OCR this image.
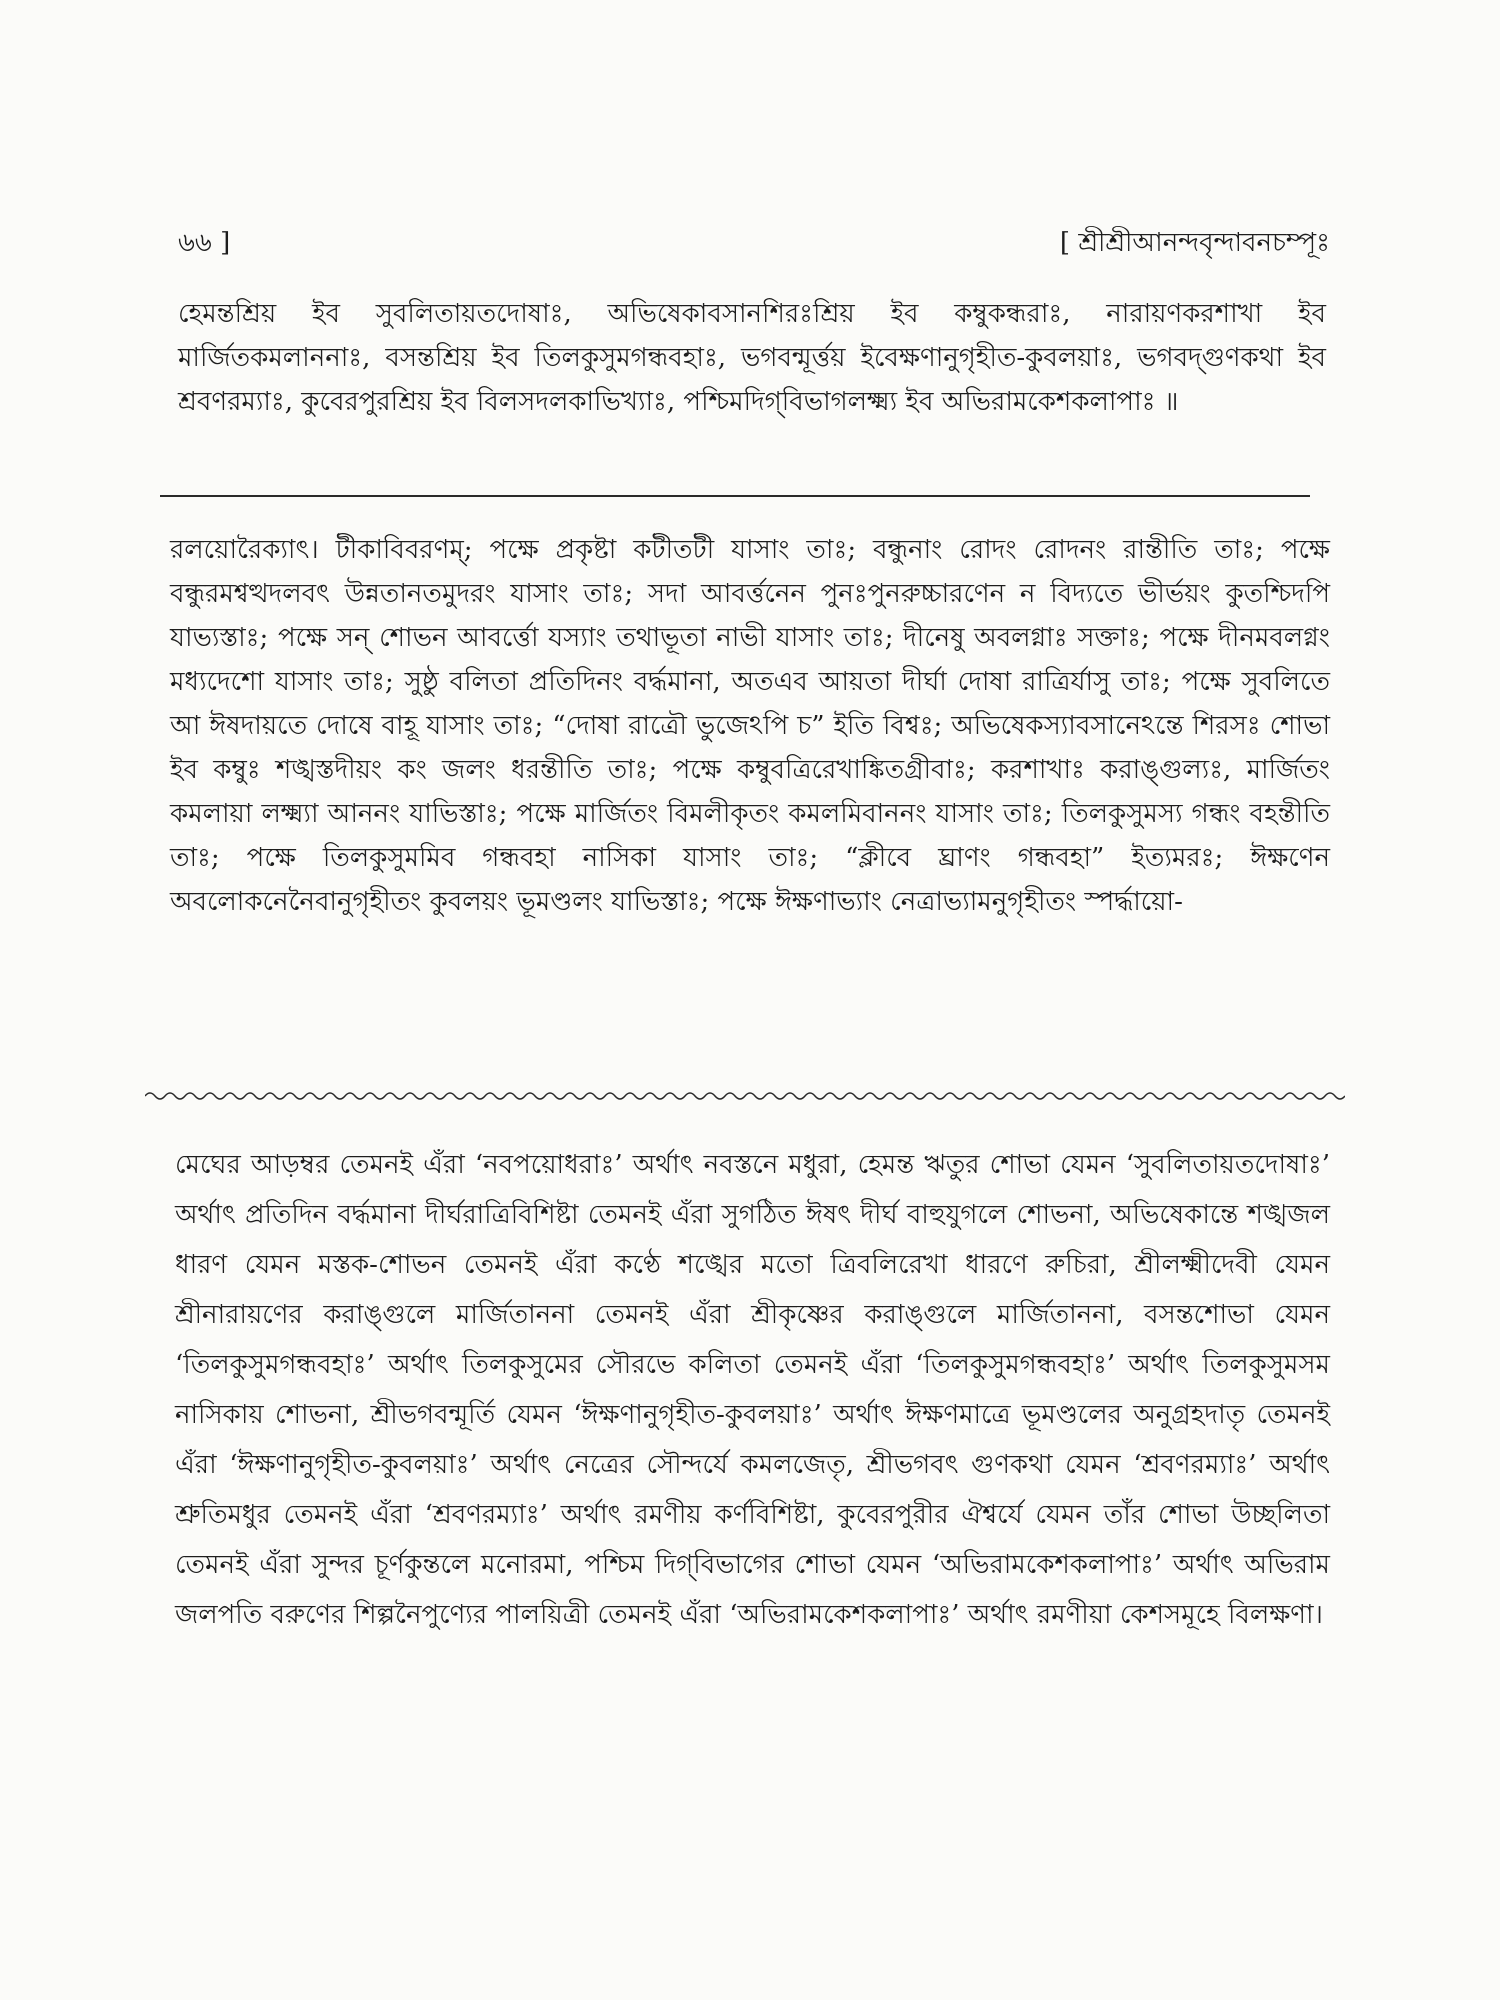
৬৬ ]	[ শ্রীশ্রীআনন্দবৃন্দাবনচম্পূঃ
হেমন্তশ্রিয় ইব সুবলিতায়তদোষাঃ, অভিষেকাবসানশিরঃশ্রিয় ইব কম্বুকন্ধরাঃ, নারায়ণকরশাখা ইব মার্জিতকমলাননাঃ, বসন্তশ্রিয় ইব তিলকুসুমগন্ধবহাঃ, ভগবন্মূর্ত্তয় ইবেক্ষণানুগৃহীত-কুবলয়াঃ, ভগবদ্গুণকথা ইব শ্রবণরম্যাঃ, কুবেরপুরশ্রিয় ইব বিলসদলকাভিখ্যাঃ, পশ্চিমদিগ্‌বিভাগলক্ষ্ম্য ইব অভিরামকেশকলাপাঃ ॥
রলয়োরৈক্যাৎ। টীকাবিবরণম্; পক্ষে প্রকৃষ্টা কটীতটী যাসাং তাঃ; বন্ধুনাং রোদং রোদনং রান্তীতি তাঃ; পক্ষে বন্ধুরমশ্বত্থদলবৎ উন্নতানতমুদরং যাসাং তাঃ; সদা আবর্ত্তনেন পুনঃপুনরুচ্চারণেন ন বিদ্যতে ভীর্ভয়ং কুতশ্চিদপি যাভ্যস্তাঃ; পক্ষে সন্ শোভন আবর্ত্তো যস্যাং তথাভূতা নাভী যাসাং তাঃ; দীনেষু অবলগ্নাঃ সক্তাঃ; পক্ষে দীনমবলগ্নং মধ্যদেশো যাসাং তাঃ; সুষ্ঠু বলিতা প্রতিদিনং বর্দ্ধমানা, অতএব আয়তা দীর্ঘা দোষা রাত্রির্যাসু তাঃ; পক্ষে সুবলিতে আ ঈষদায়তে দোষে বাহূ যাসাং তাঃ; “দোষা রাত্রৌ ভুজেঽপি চ” ইতি বিশ্বঃ; অভিষেকস্যাবসানেঽন্তে শিরসঃ শোভা ইব কম্বুঃ শঙ্খস্তদীয়ং কং জলং ধরন্তীতি তাঃ; পক্ষে কম্বুবত্রিরেখাঙ্কিতগ্রীবাঃ; করশাখাঃ করাঙ্গুল্যঃ, মার্জিতং কমলায়া লক্ষ্ম্যা আননং যাভিস্তাঃ; পক্ষে মার্জিতং বিমলীকৃতং কমলমিবাননং যাসাং তাঃ; তিলকুসুমস্য গন্ধং বহন্তীতি তাঃ; পক্ষে তিলকুসুমমিব গন্ধবহা নাসিকা যাসাং তাঃ; “ক্লীবে ঘ্রাণং গন্ধবহা” ইত্যমরঃ; ঈক্ষণেন অবলোকনেনৈবানুগৃহীতং কুবলয়ং ভূমণ্ডলং যাভিস্তাঃ; পক্ষে ঈক্ষণাভ্যাং নেত্রাভ্যামনুগৃহীতং স্পর্দ্ধায়ো-
মেঘের আড়ম্বর তেমনই এঁরা ‘নবপয়োধরাঃ’ অর্থাৎ নবস্তনে মধুরা, হেমন্ত ঋতুর শোভা যেমন ‘সুবলিতায়তদোষাঃ’ অর্থাৎ প্রতিদিন বর্দ্ধমানা দীর্ঘরাত্রিবিশিষ্টা তেমনই এঁরা সুগঠিত ঈষৎ দীর্ঘ বাহুযুগলে শোভনা, অভিষেকান্তে শঙ্খজল ধারণ যেমন মস্তক-শোভন তেমনই এঁরা কণ্ঠে শঙ্খের মতো ত্রিবলিরেখা ধারণে রুচিরা, শ্রীলক্ষ্মীদেবী যেমন শ্রীনারায়ণের করাঙ্গুলে মার্জিতাননা তেমনই এঁরা শ্রীকৃষ্ণের করাঙ্গুলে মার্জিতাননা, বসন্তশোভা যেমন ‘তিলকুসুমগন্ধবহাঃ’ অর্থাৎ তিলকুসুমের সৌরভে কলিতা তেমনই এঁরা ‘তিলকুসুমগন্ধবহাঃ’ অর্থাৎ তিলকুসুমসম নাসিকায় শোভনা, শ্রীভগবন্মূর্তি যেমন ‘ঈক্ষণানুগৃহীত-কুবলয়াঃ’ অর্থাৎ ঈক্ষণমাত্রে ভূমণ্ডলের অনুগ্রহদাতৃ তেমনই এঁরা ‘ঈক্ষণানুগৃহীত-কুবলয়াঃ’ অর্থাৎ নেত্রের সৌন্দর্যে কমলজেতৃ, শ্রীভগবৎ গুণকথা যেমন ‘শ্রবণরম্যাঃ’ অর্থাৎ শ্রুতিমধুর তেমনই এঁরা ‘শ্রবণরম্যাঃ’ অর্থাৎ রমণীয় কর্ণবিশিষ্টা, কুবেরপুরীর ঐশ্বর্যে যেমন তাঁর শোভা উচ্ছলিতা তেমনই এঁরা সুন্দর চূর্ণকুন্তলে মনোরমা, পশ্চিম দিগ্‌বিভাগের শোভা যেমন ‘অভিরামকেশকলাপাঃ’ অর্থাৎ অভিরাম জলপতি বরুণের শিল্পনৈপুণ্যের পালয়িত্রী তেমনই এঁরা ‘অভিরামকেশকলাপাঃ’ অর্থাৎ রমণীয়া কেশসমূহে বিলক্ষণা।
